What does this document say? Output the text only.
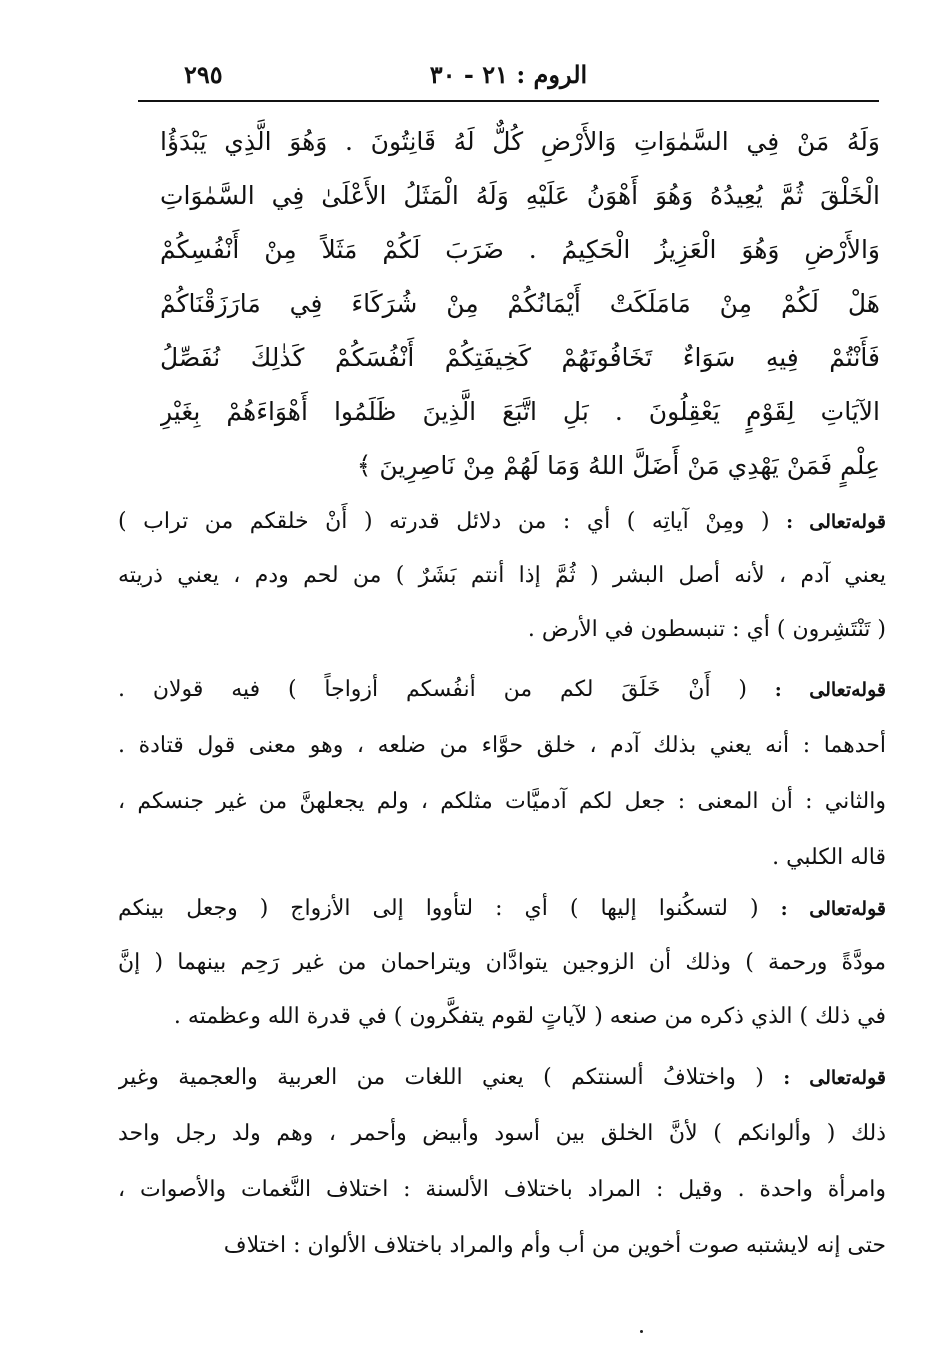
الروم : ٢١ - ٣٠
٢٩٥
وَلَهُ مَنْ فِي السَّمٰوَاتِ وَالأَرْضِ كُلٌّ لَهُ قَانِتُونَ . وَهُوَ الَّذِي يَبْدَؤُا
الْخَلْقَ ثُمَّ يُعِيدُهُ وَهُوَ أَهْوَنُ عَلَيْهِ وَلَهُ الْمَثَلُ الأَعْلَىٰ فِي السَّمٰوَاتِ
وَالأَرْضِ وَهُوَ الْعَزِيزُ الْحَكِيمُ . ضَرَبَ لَكُمْ مَثَلاً مِنْ أَنْفُسِكُمْ
هَلْ لَكُمْ مِنْ مَامَلَكَتْ أَيْمَانُكُمْ مِنْ شُرَكَاءَ فِي مَارَزَقْنَاكُمْ
فَأَنْتُمْ فِيهِ سَوَاءٌ تَخَافُونَهُمْ كَخِيفَتِكُمْ أَنْفُسَكُمْ كَذٰلِكَ نُفَصِّلُ
الآيَاتِ لِقَوْمٍ يَعْقِلُونَ . بَلِ اتَّبَعَ الَّذِينَ ظَلَمُوا أَهْوَاءَهُمْ بِغَيْرِ
عِلْمٍ فَمَنْ يَهْدِي مَنْ أَضَلَّ اللهُ وَمَا لَهُمْ مِنْ نَاصِرِينَ ﴾
قوله‌تعالى : ( ومِنْ آياتِه ) أي : من دلائل قدرته ( أَنْ خلقكم من تراب )
يعني آدم ، لأنه أصل البشر ( ثُمَّ إذا أنتم بَشَرٌ ) من لحم ودم ، يعني ذريته
( تَنْتَشِرون ) أي : تنبسطون في الأرض .
قوله‌تعالى : ( أَنْ خَلَقَ لكم من أنفُسكم أزواجاً ) فيه قولان .
أحدهما : أنه يعني بذلك آدم ، خلق حوَّاء من ضلعه ، وهو معنى قول قتادة .
والثاني : أن المعنى : جعل لكم آدميَّات مثلكم ، ولم يجعلهنَّ من غير جنسكم ،
قاله الكلبي .
قوله‌تعالى : ( لتسكُنوا إليها ) أي : لتأووا إلى الأزواج ( وجعل بينكم
مودَّةً ورحمة ) وذلك أن الزوجين يتوادَّان ويتراحمان من غير رَحِم بينهما ( إنَّ
في ذلك ) الذي ذكره من صنعه ( لآياتٍ لقوم يتفكَّرون ) في قدرة الله وعظمته .
قوله‌تعالى : ( واختلافُ ألسنتكم ) يعني اللغات من العربية والعجمية وغير
ذلك ( وألوانكم ) لأنَّ الخلق بين أسود وأبيض وأحمر ، وهم ولد رجل واحد
وامرأة واحدة . وقيل : المراد باختلاف الألسنة : اختلاف النَّغمات والأصوات ،
حتى إنه لايشتبه صوت أخوين من أب وأم والمراد باختلاف الألوان : اختلاف
